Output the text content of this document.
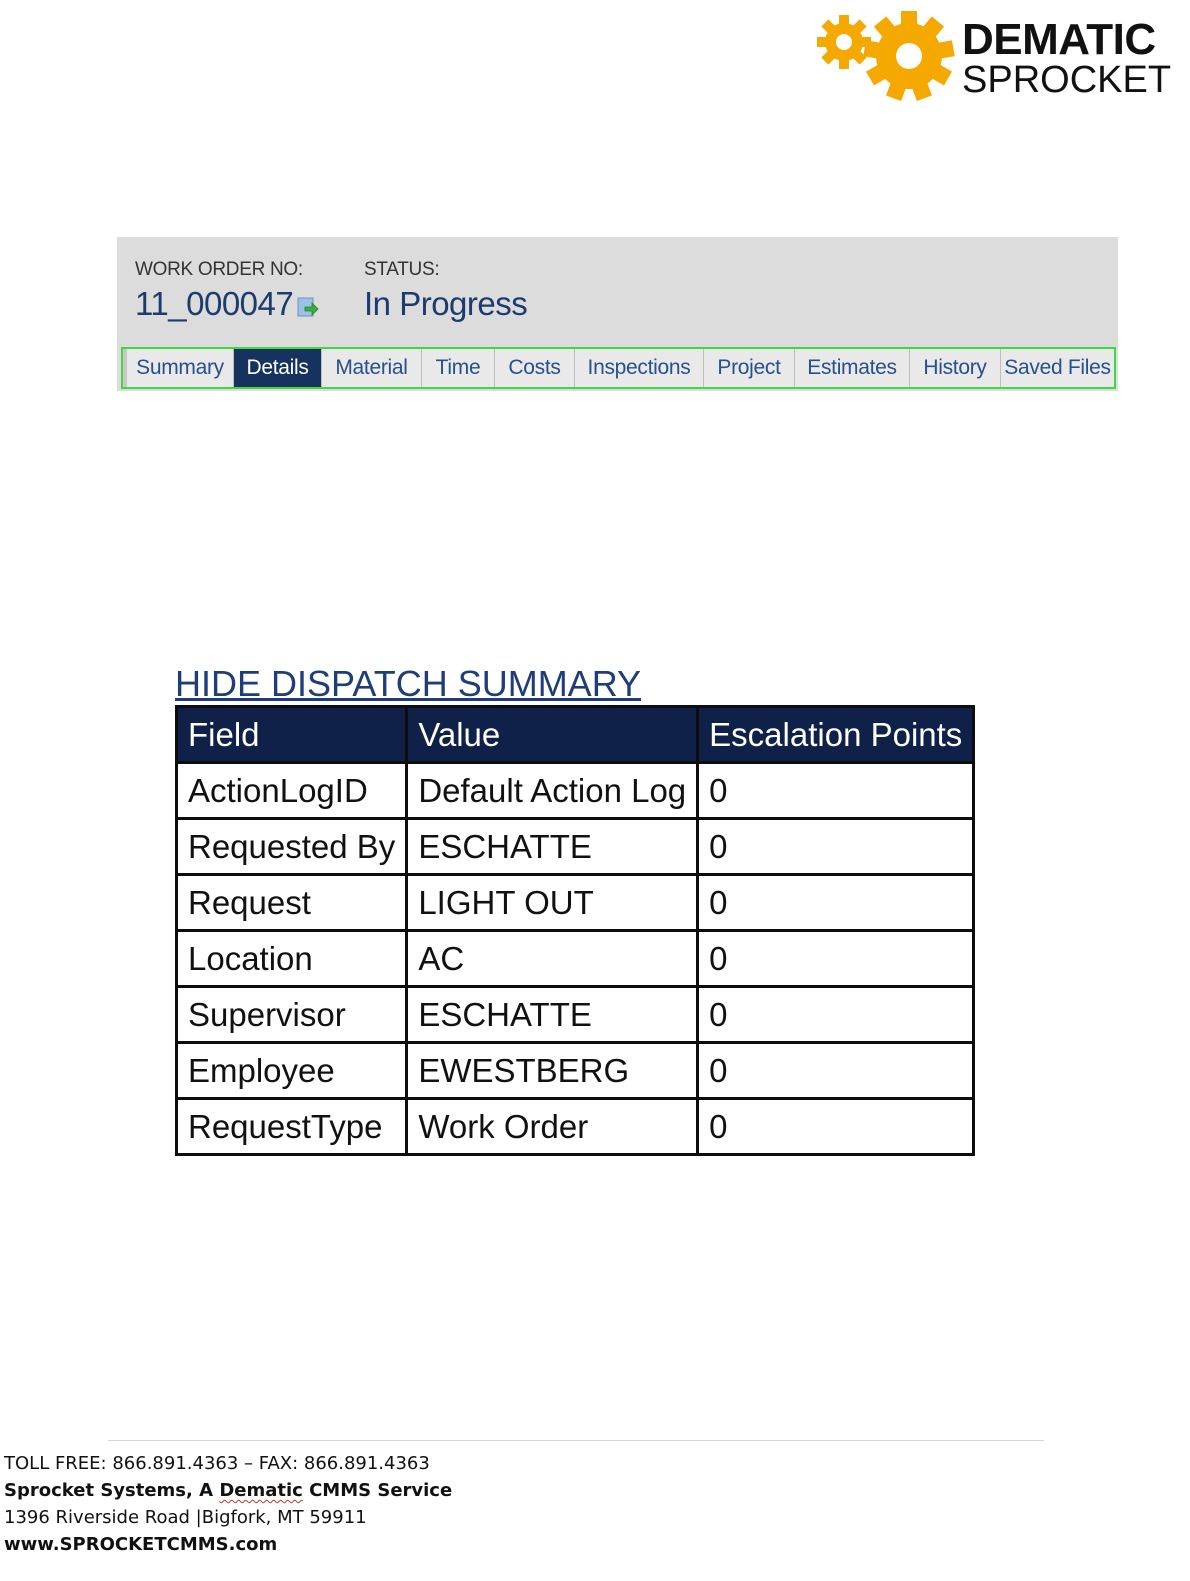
DEMATIC
SPROCKET
WORK ORDER NO:
11_000047
STATUS:
In Progress
Summary	Details	Material	Time	Costs	Inspections	Project	Estimates	History Saved Files
HIDE DISPATCH SUMMARY
Field	Value	Escalation Points
ActionLogID	Default Action Log	0
Requested By	ESCHATTE	0
Request	LIGHT OUT	0
Location	AC	0
Supervisor	ESCHATTE	0
Employee	EWESTBERG	0
RequestType	Work Order	0
TOLL FREE: 866.891.4363 – FAX: 866.891.4363
Sprocket Systems, A Dematic CMMS Service
1396 Riverside Road |Bigfork, MT 59911
www.SPROCKETCMMS.com
